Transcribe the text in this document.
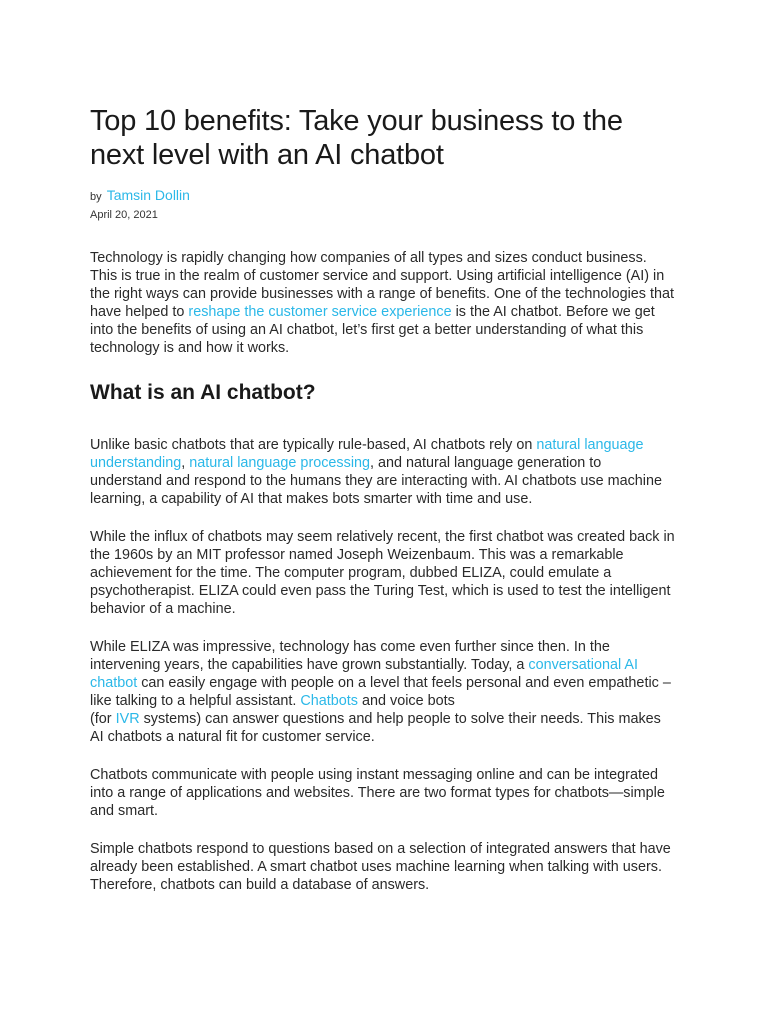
Top 10 benefits: Take your business to the next level with an AI chatbot
by Tamsin Dollin
April 20, 2021

Technology is rapidly changing how companies of all types and sizes conduct business. This is true in the realm of customer service and support. Using artificial intelligence (AI) in the right ways can provide businesses with a range of benefits. One of the technologies that have helped to reshape the customer service experience is the AI chatbot. Before we get into the benefits of using an AI chatbot, let’s first get a better understanding of what this technology is and how it works.

What is an AI chatbot?

Unlike basic chatbots that are typically rule-based, AI chatbots rely on natural language understanding, natural language processing, and natural language generation to understand and respond to the humans they are interacting with. AI chatbots use machine learning, a capability of AI that makes bots smarter with time and use.

While the influx of chatbots may seem relatively recent, the first chatbot was created back in the 1960s by an MIT professor named Joseph Weizenbaum. This was a remarkable achievement for the time. The computer program, dubbed ELIZA, could emulate a psychotherapist. ELIZA could even pass the Turing Test, which is used to test the intelligent behavior of a machine.

While ELIZA was impressive, technology has come even further since then. In the intervening years, the capabilities have grown substantially. Today, a conversational AI chatbot can easily engage with people on a level that feels personal and even empathetic – like talking to a helpful assistant. Chatbots and voice bots
(for IVR systems) can answer questions and help people to solve their needs. This makes AI chatbots a natural fit for customer service.

Chatbots communicate with people using instant messaging online and can be integrated into a range of applications and websites. There are two format types for chatbots—simple and smart.

Simple chatbots respond to questions based on a selection of integrated answers that have already been established. A smart chatbot uses machine learning when talking with users. Therefore, chatbots can build a database of answers.
